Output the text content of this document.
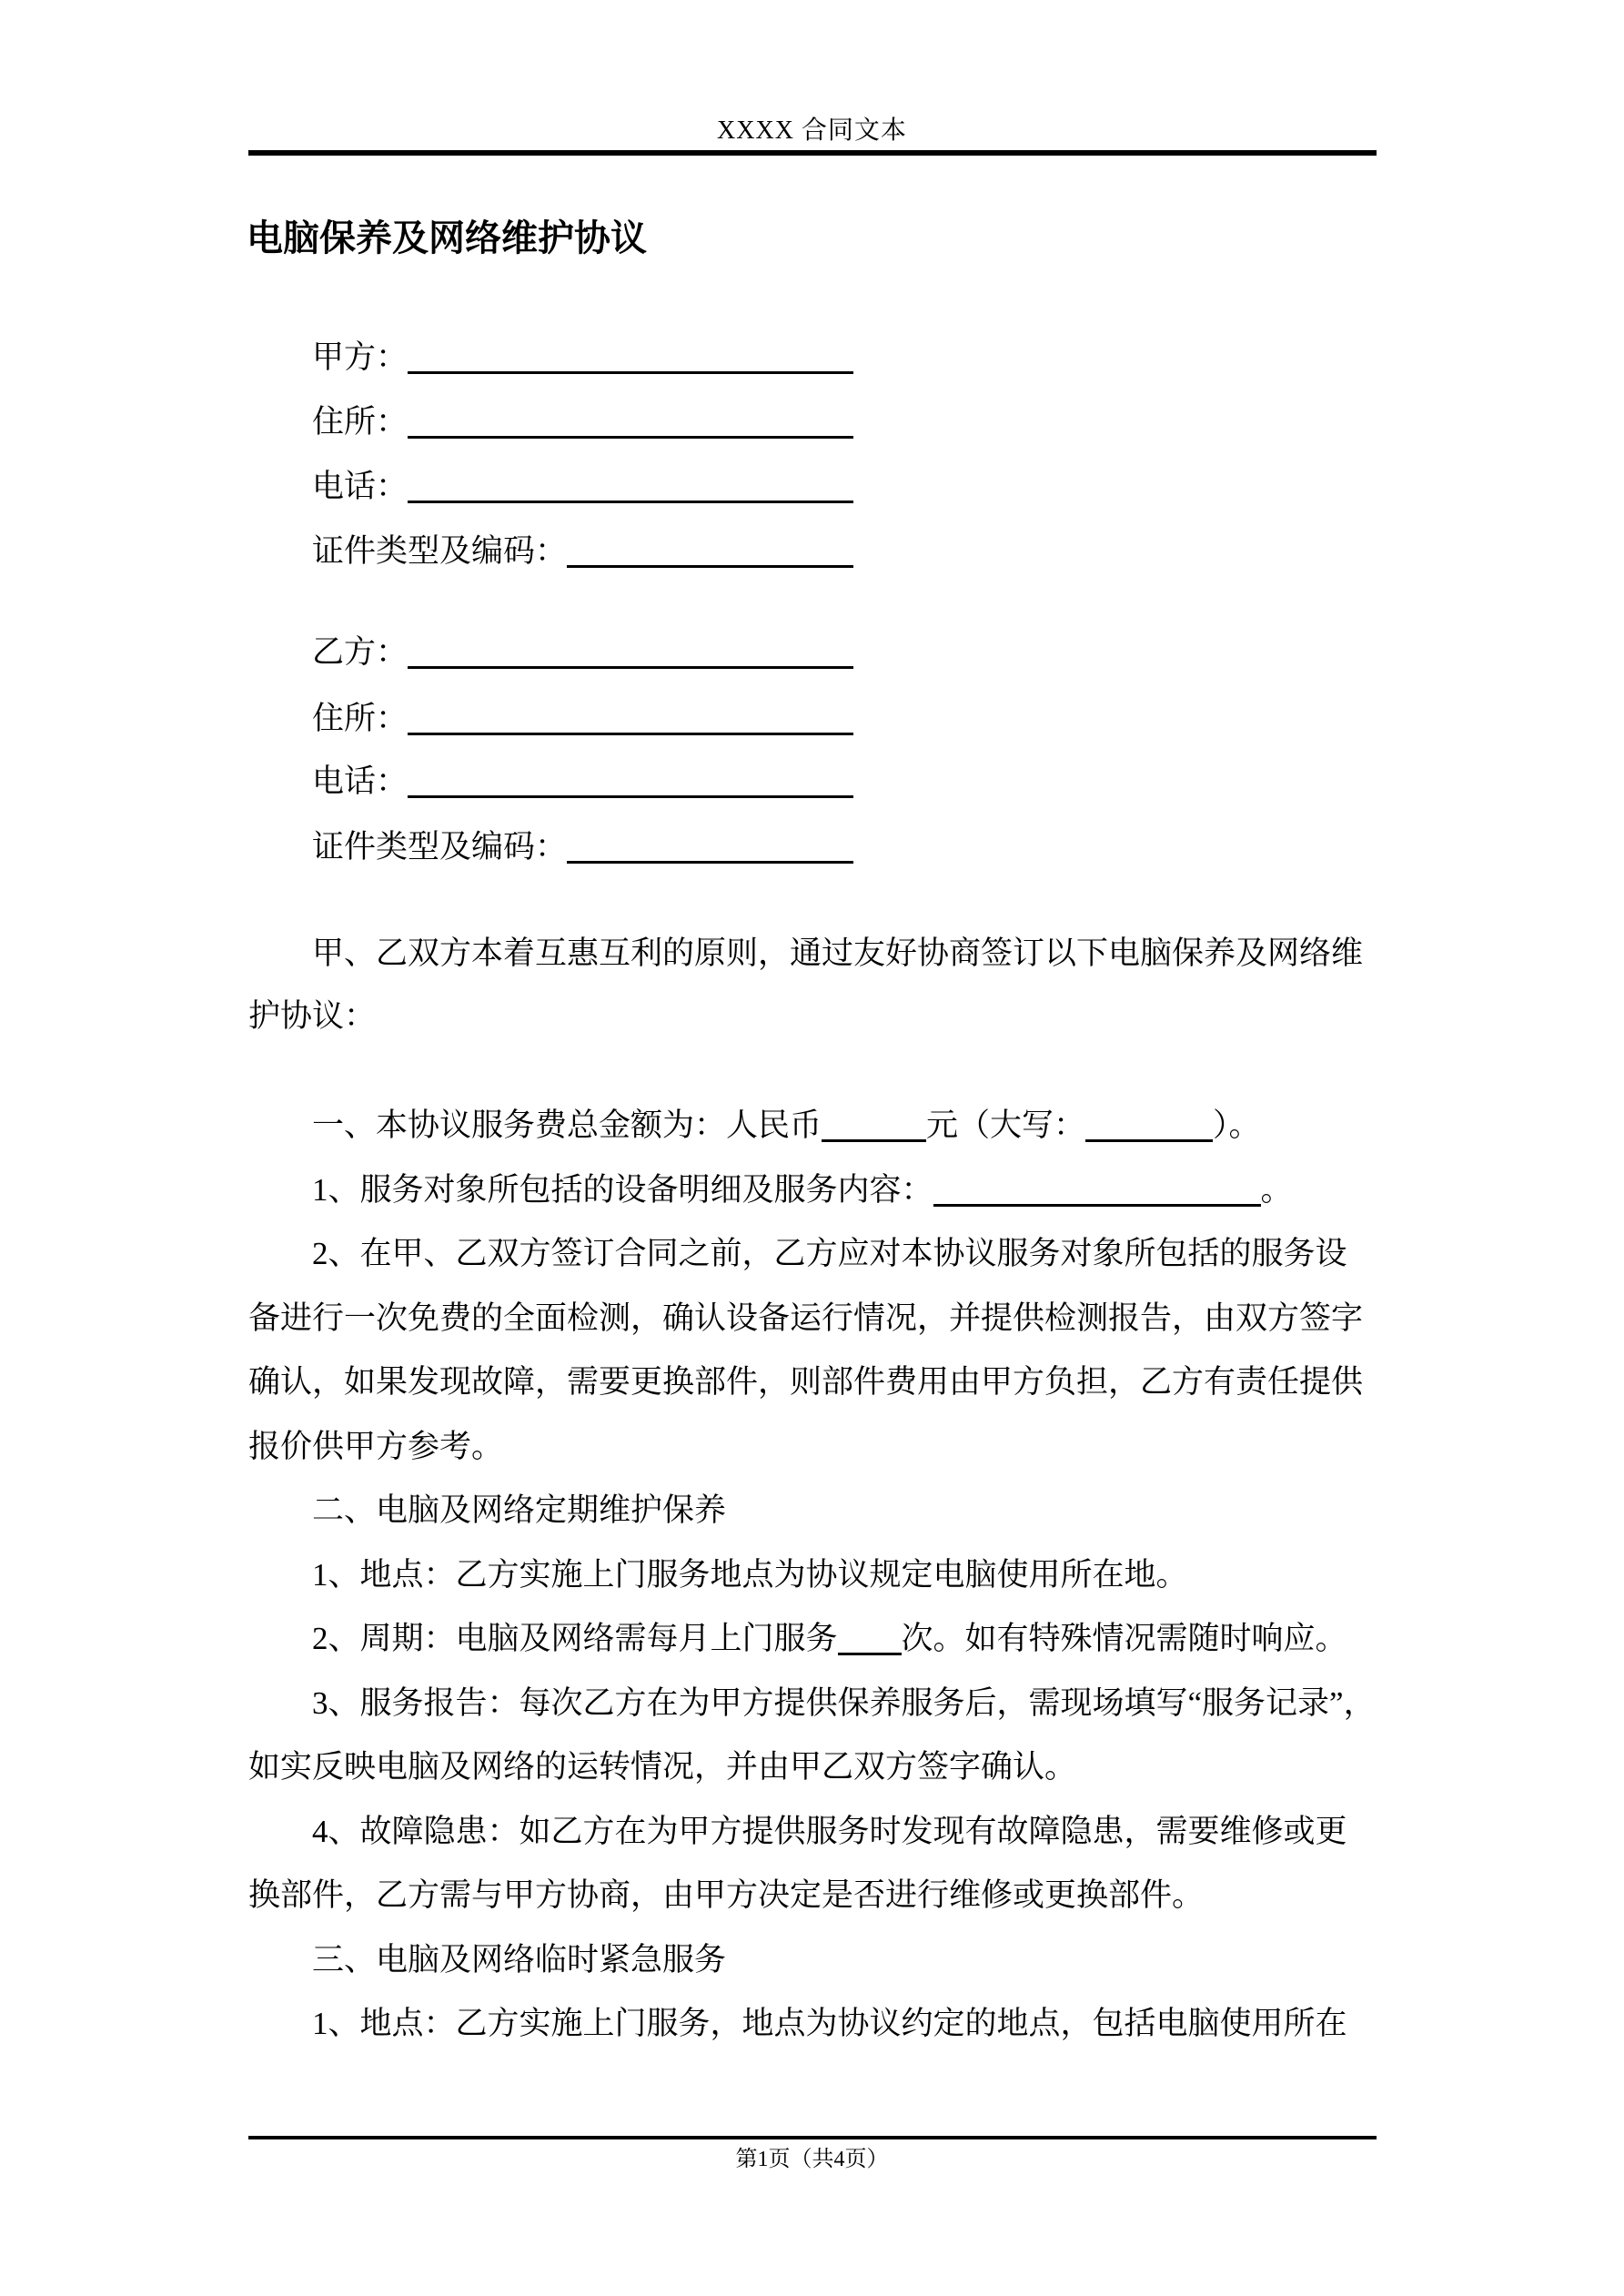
XXXX 合同文本
电脑保养及网络维护协议
甲方：
住所：
电话：
证件类型及编码：
乙方：
住所：
电话：
证件类型及编码：
甲、乙双方本着互惠互利的原则，通过友好协商签订以下电脑保养及网络维
护协议：
一、本协议服务费总金额为：人民币	元（大写：	）。
1、服务对象所包括的设备明细及服务内容：	。
2、在甲、乙双方签订合同之前，乙方应对本协议服务对象所包括的服务设
备进行一次免费的全面检测，确认设备运行情况，并提供检测报告，由双方签字
确认，如果发现故障，需要更换部件，则部件费用由甲方负担，乙方有责任提供
报价供甲方参考。
二、电脑及网络定期维护保养
1、地点：乙方实施上门服务地点为协议规定电脑使用所在地。
2、周期：电脑及网络需每月上门服务 次。如有特殊情况需随时响应。
3、服务报告：每次乙方在为甲方提供保养服务后，需现场填写“服务记录”，
如实反映电脑及网络的运转情况，并由甲乙双方签字确认。
4、故障隐患：如乙方在为甲方提供服务时发现有故障隐患，需要维修或更
换部件，乙方需与甲方协商，由甲方决定是否进行维修或更换部件。
三、电脑及网络临时紧急服务
1、地点：乙方实施上门服务，地点为协议约定的地点，包括电脑使用所在
第1页（共4页）
